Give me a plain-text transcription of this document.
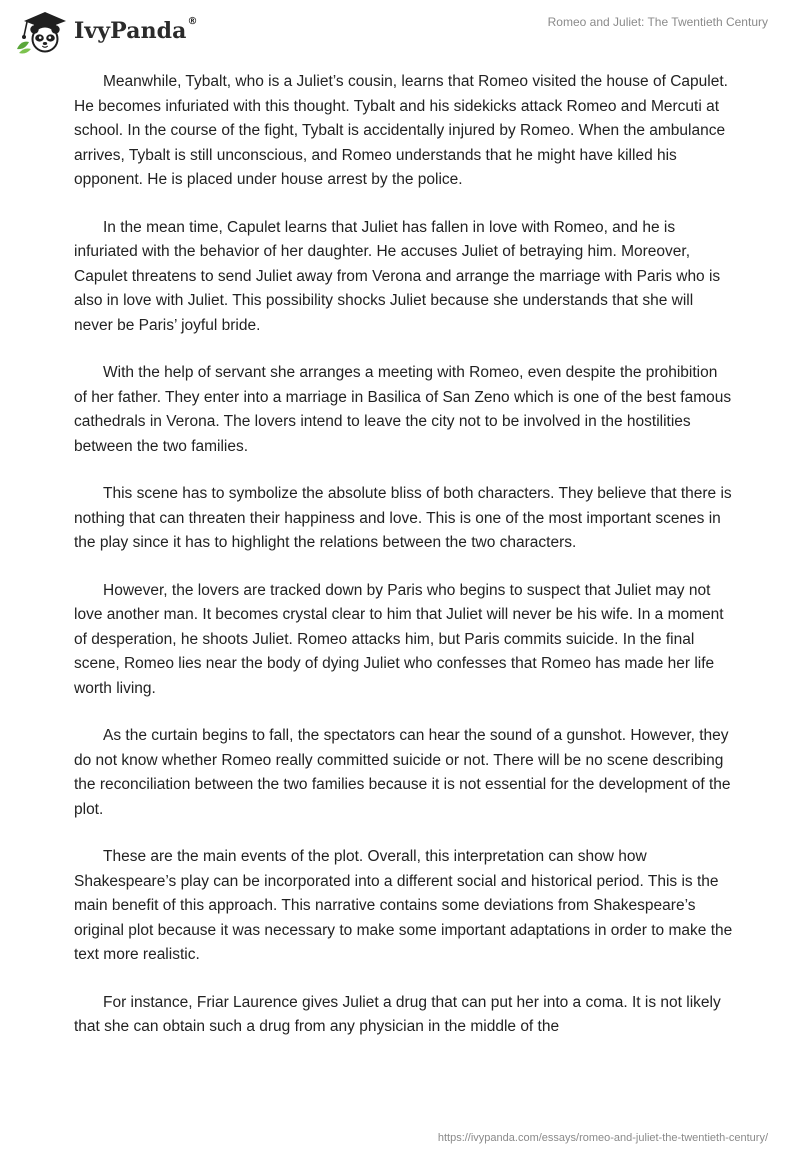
IvyPanda ®	Romeo and Juliet: The Twentieth Century

Meanwhile, Tybalt, who is a Juliet’s cousin, learns that Romeo visited the house of Capulet. He becomes infuriated with this thought. Tybalt and his sidekicks attack Romeo and Mercuti at school. In the course of the fight, Tybalt is accidentally injured by Romeo. When the ambulance arrives, Tybalt is still unconscious, and Romeo understands that he might have killed his opponent. He is placed under house arrest by the police.

In the mean time, Capulet learns that Juliet has fallen in love with Romeo, and he is infuriated with the behavior of her daughter. He accuses Juliet of betraying him. Moreover, Capulet threatens to send Juliet away from Verona and arrange the marriage with Paris who is also in love with Juliet. This possibility shocks Juliet because she understands that she will never be Paris’ joyful bride.

With the help of servant she arranges a meeting with Romeo, even despite the prohibition of her father. They enter into a marriage in Basilica of San Zeno which is one of the best famous cathedrals in Verona. The lovers intend to leave the city not to be involved in the hostilities between the two families.

This scene has to symbolize the absolute bliss of both characters. They believe that there is nothing that can threaten their happiness and love. This is one of the most important scenes in the play since it has to highlight the relations between the two characters.

However, the lovers are tracked down by Paris who begins to suspect that Juliet may not love another man. It becomes crystal clear to him that Juliet will never be his wife. In a moment of desperation, he shoots Juliet. Romeo attacks him, but Paris commits suicide. In the final scene, Romeo lies near the body of dying Juliet who confesses that Romeo has made her life worth living.

As the curtain begins to fall, the spectators can hear the sound of a gunshot. However, they do not know whether Romeo really committed suicide or not. There will be no scene describing the reconciliation between the two families because it is not essential for the development of the plot.

These are the main events of the plot. Overall, this interpretation can show how Shakespeare’s play can be incorporated into a different social and historical period. This is the main benefit of this approach. This narrative contains some deviations from Shakespeare’s original plot because it was necessary to make some important adaptations in order to make the text more realistic.

For instance, Friar Laurence gives Juliet a drug that can put her into a coma. It is not likely that she can obtain such a drug from any physician in the middle of the

https://ivypanda.com/essays/romeo-and-juliet-the-twentieth-century/
